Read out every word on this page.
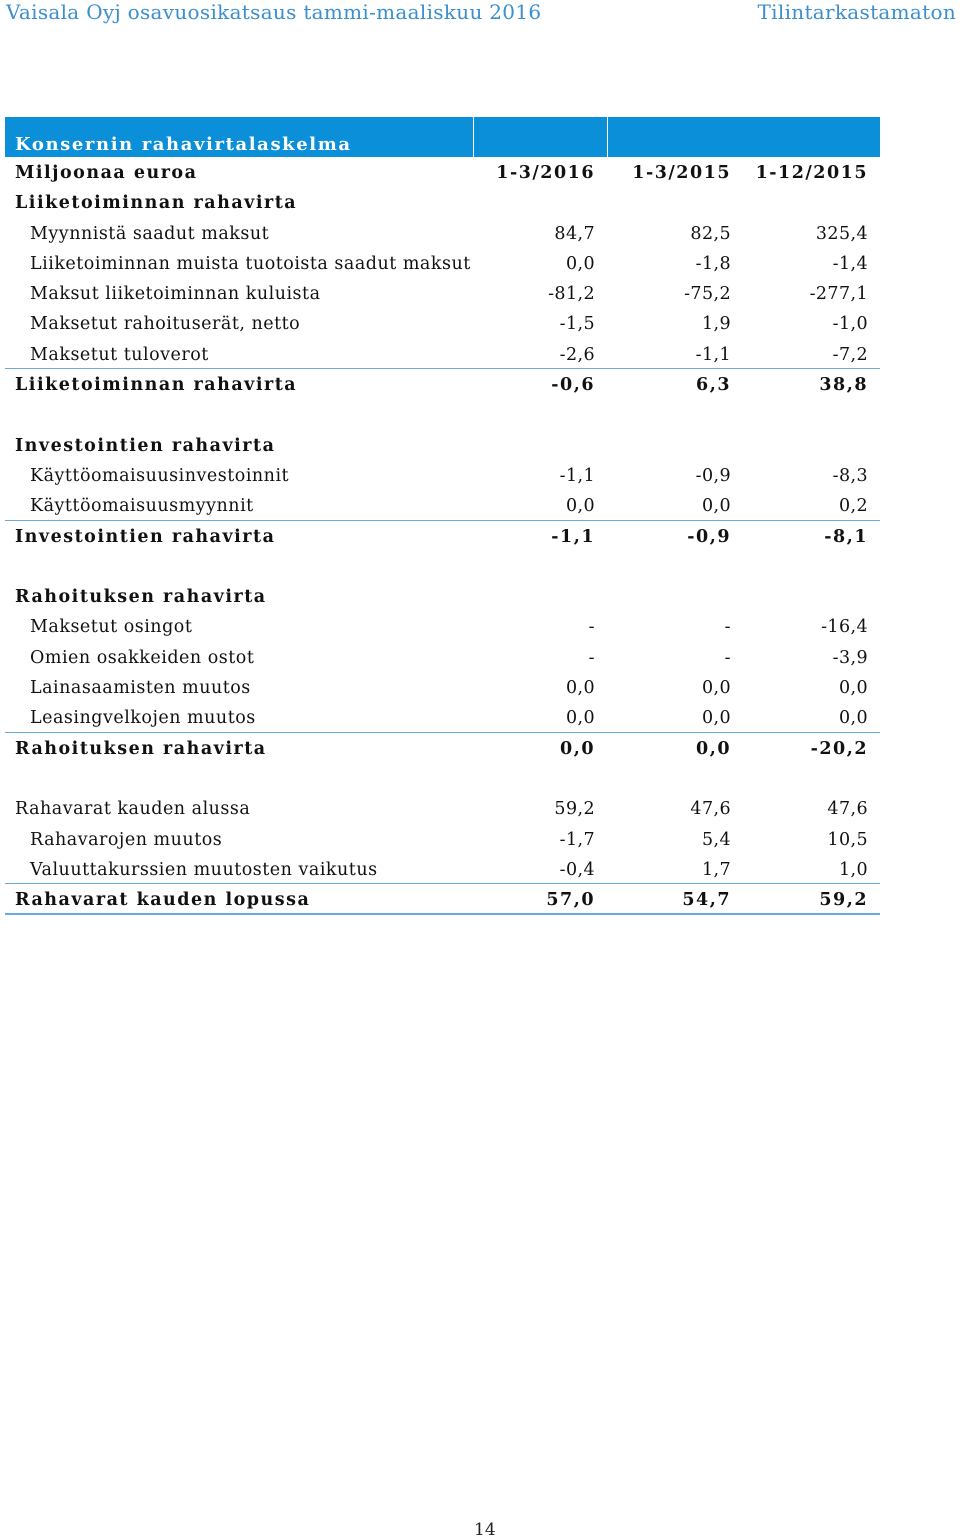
Vaisala Oyj osavuosikatsaus tammi-maaliskuu 2016	Tilintarkastamaton
Konsernin rahavirtalaskelma
Miljoonaa euroa	1-3/2016	1-3/2015	1-12/2015
Liiketoiminnan rahavirta
Myynnistä saadut maksut	84,7	82,5	325,4
Liiketoiminnan muista tuotoista saadut maksut	0,0	-1,8	-1,4
Maksut liiketoiminnan kuluista	-81,2	-75,2	-277,1
Maksetut rahoituserät, netto	-1,5	1,9	-1,0
Maksetut tuloverot	-2,6	-1,1	-7,2
Liiketoiminnan rahavirta	-0,6	6,3	38,8
Investointien rahavirta
Käyttöomaisuusinvestoinnit	-1,1	-0,9	-8,3
Käyttöomaisuusmyynnit	0,0	0,0	0,2
Investointien rahavirta	-1,1	-0,9	-8,1
Rahoituksen rahavirta
Maksetut osingot	-	-	-16,4
Omien osakkeiden ostot	-	-	-3,9
Lainasaamisten muutos	0,0	0,0	0,0
Leasingvelkojen muutos	0,0	0,0	0,0
Rahoituksen rahavirta	0,0	0,0	-20,2
Rahavarat kauden alussa	59,2	47,6	47,6
Rahavarojen muutos	-1,7	5,4	10,5
Valuuttakurssien muutosten vaikutus	-0,4	1,7	1,0
Rahavarat kauden lopussa	57,0	54,7	59,2
14
